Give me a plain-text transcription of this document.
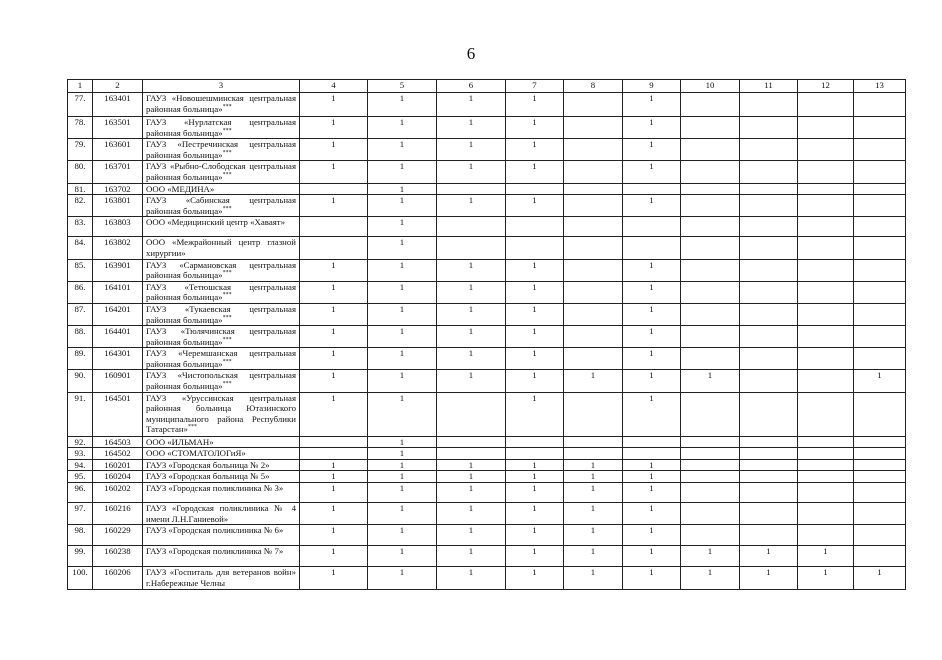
6
1	2	3	4	5	6	7	8	9	10	11	12	13
77.	163401	ГАУЗ «Новошешминская центральная районная больница»***	1	1	1	1		1				
78.	163501	ГАУЗ «Нурлатская центральная районная больница»***	1	1	1	1		1				
79.	163601	ГАУЗ «Пестречинская центральная районная больница»***	1	1	1	1		1				
80.	163701	ГАУЗ «Рыбно-Слободская центральная районная больница»***	1	1	1	1		1				
81.	163702	ООО «МЕДИНА»		1								
82.	163801	ГАУЗ «Сабинская центральная районная больница»***	1	1	1	1		1				
83.	163803	ООО «Медицинский центр «Хаваят»		1								
84.	163802	ООО «Межрайонный центр глазной хирургии»		1								
85.	163901	ГАУЗ «Сармановская центральная районная больница»***	1	1	1	1		1				
86.	164101	ГАУЗ «Тетюшская центральная районная больница»***	1	1	1	1		1				
87.	164201	ГАУЗ «Тукаевская центральная районная больница»***	1	1	1	1		1				
88.	164401	ГАУЗ «Тюлячинская центральная районная больница»***	1	1	1	1		1				
89.	164301	ГАУЗ «Черемшанская центральная районная больница»***	1	1	1	1		1				
90.	160901	ГАУЗ «Чистопольская центральная районная больница»***	1	1	1	1	1	1	1			1
91.	164501	ГАУЗ «Уруссинская центральная районная больница Ютазинского муниципального района Республики Татарстан»***	1	1		1		1				
92.	164503	ООО «ИЛЬМАН»		1								
93.	164502	ООО «СТОМАТОЛОГиЯ»		1								
94.	160201	ГАУЗ «Городская больница № 2»	1	1	1	1	1	1				
95.	160204	ГАУЗ «Городская больница № 5»	1	1	1	1	1	1				
96.	160202	ГАУЗ «Городская поликлиника № 3»	1	1	1	1	1	1				
97.	160216	ГАУЗ «Городская поликлиника № 4 имени Л.Н.Ганиевой»	1	1	1	1	1	1				
98.	160229	ГАУЗ «Городская поликлиника № 6»	1	1	1	1	1	1				
99.	160238	ГАУЗ «Городская поликлиника № 7»	1	1	1	1	1	1	1	1	1	
100.	160206	ГАУЗ «Госпиталь для ветеранов войн» г.Набережные Челны	1	1	1	1	1	1	1	1	1	1
